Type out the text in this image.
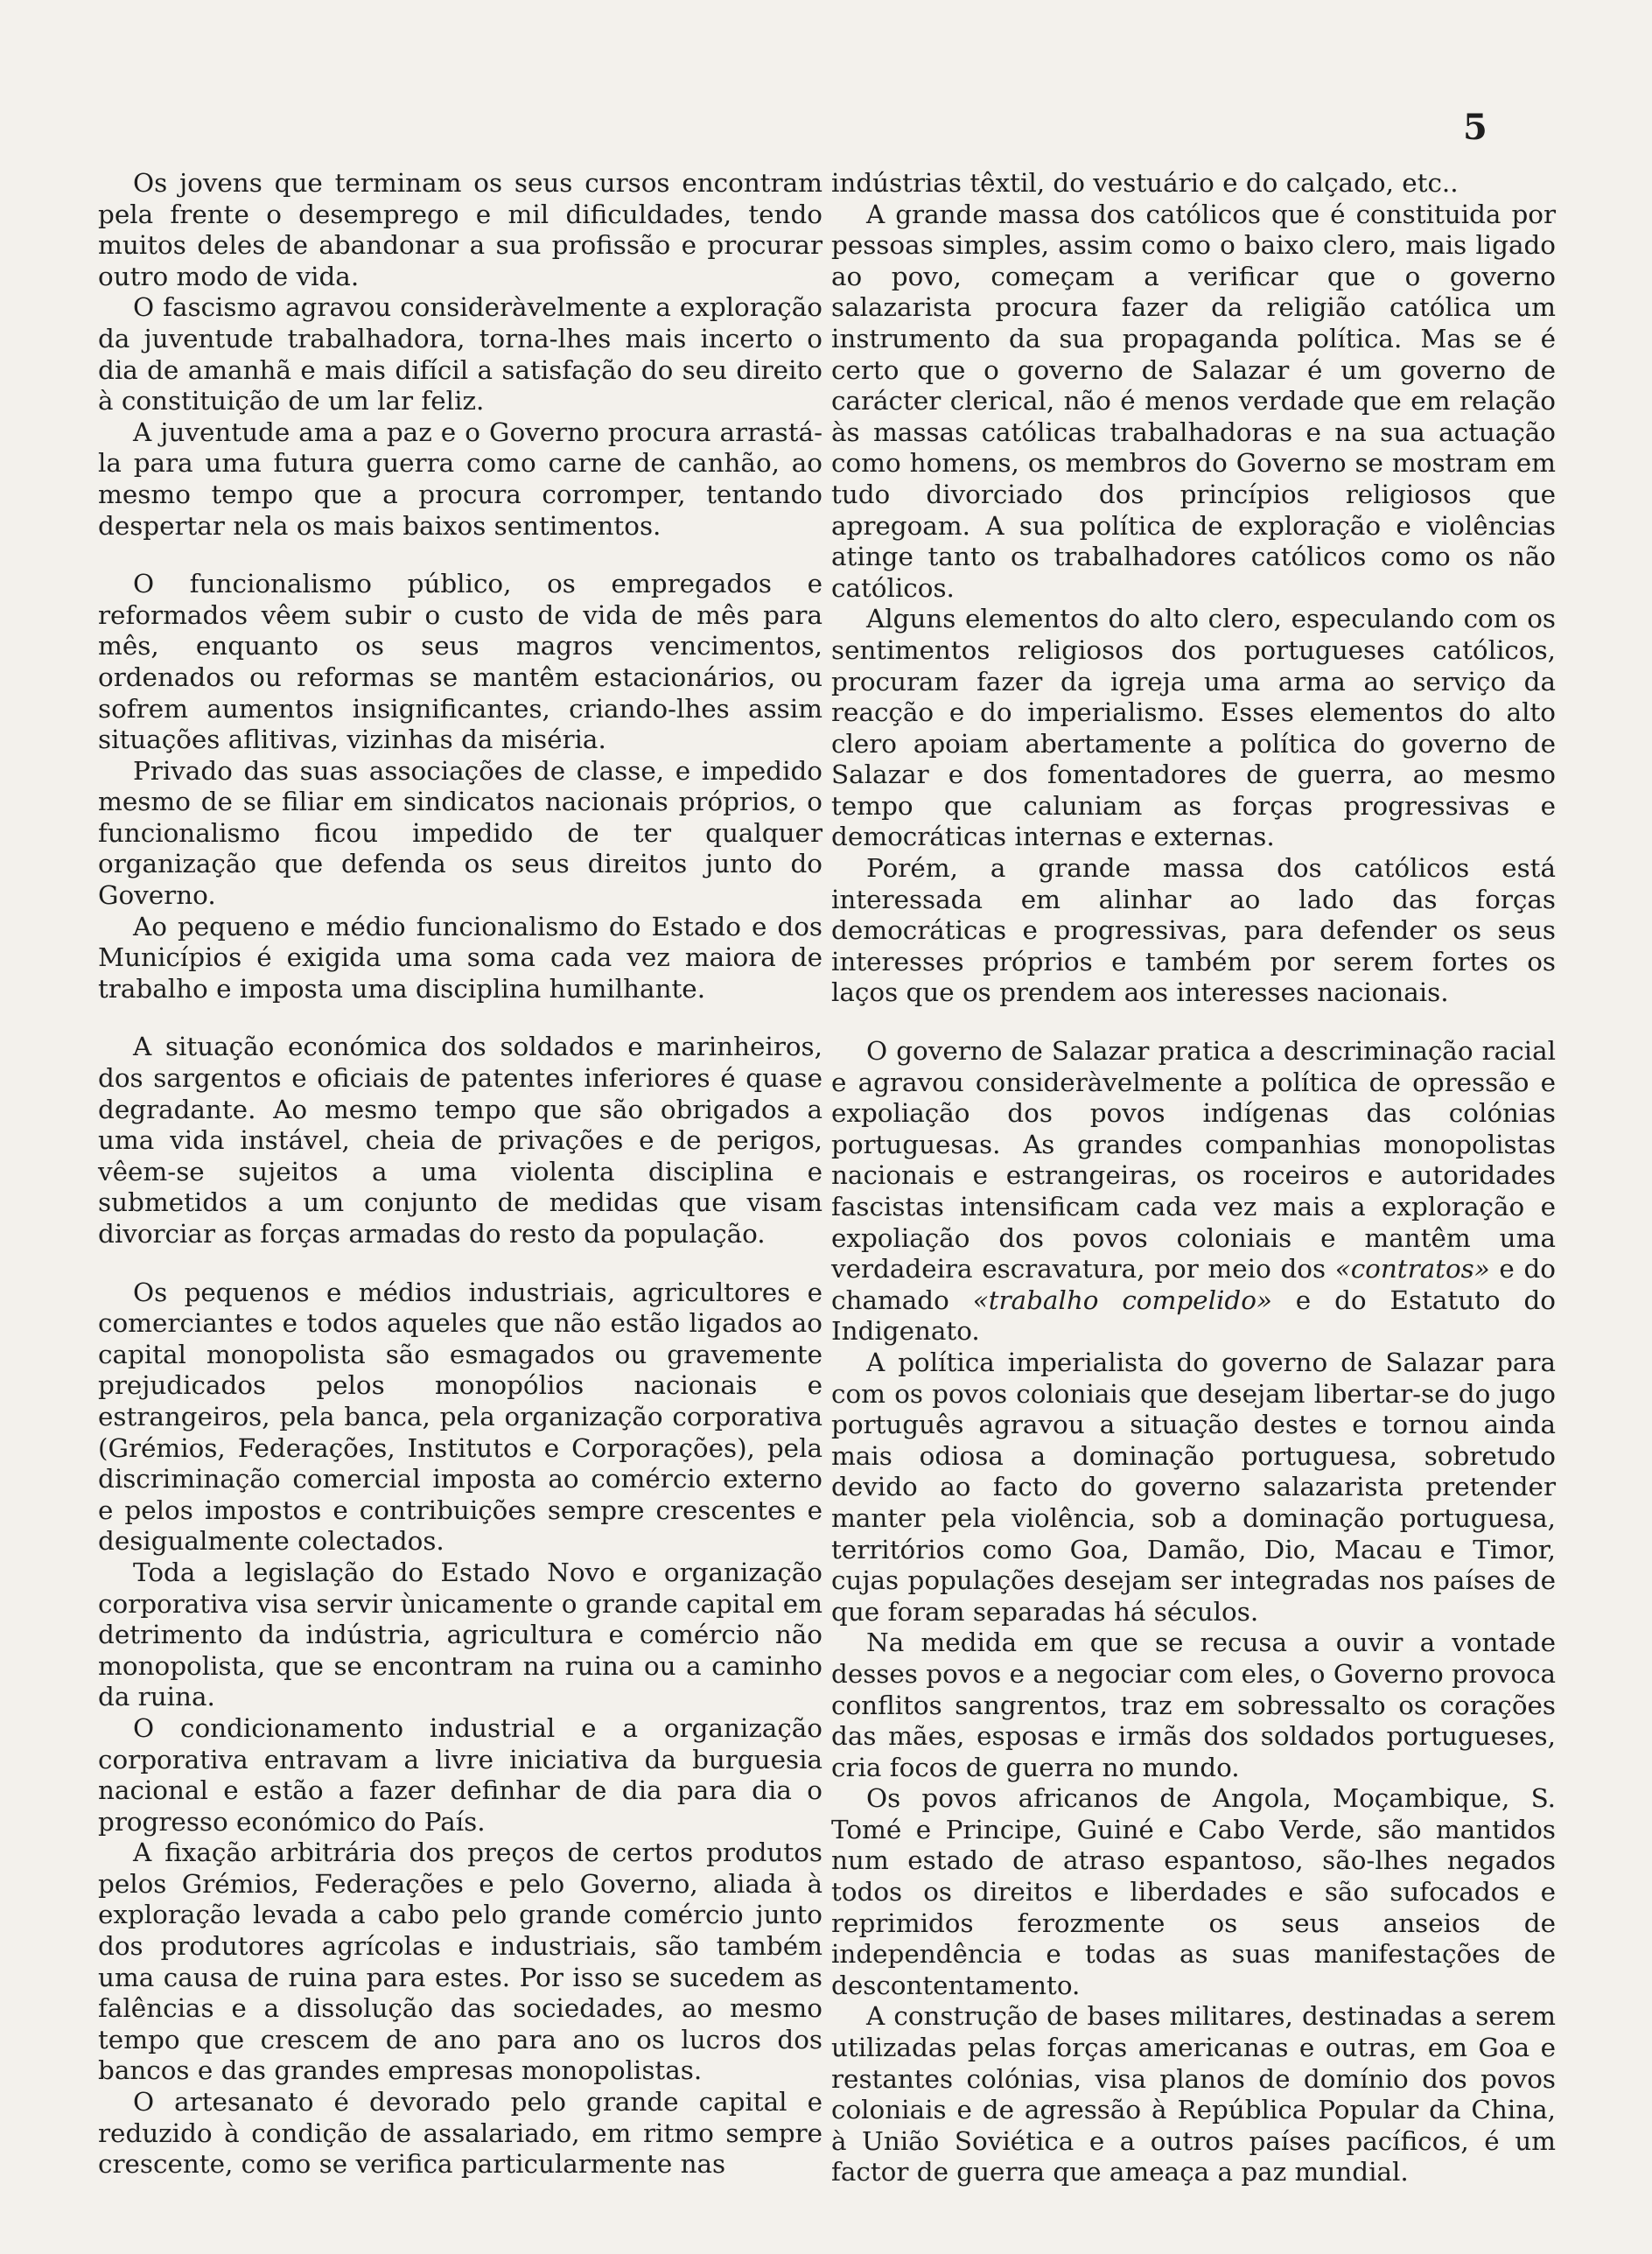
5

Os jovens que terminam os seus cursos encontram pela frente o desemprego e mil dificuldades, tendo muitos deles de abandonar a sua profissão e procurar outro modo de vida.

O fascismo agravou consideràvelmente a exploração da juventude trabalhadora, torna-lhes mais incerto o dia de amanhã e mais difícil a satisfação do seu direito à constituição de um lar feliz.

A juventude ama a paz e o Governo procura arrastá-la para uma futura guerra como carne de canhão, ao mesmo tempo que a procura corromper, tentando despertar nela os mais baixos sentimentos.

O funcionalismo público, os empregados e reformados vêem subir o custo de vida de mês para mês, enquanto os seus magros vencimentos, ordenados ou reformas se mantêm estacionários, ou sofrem aumentos insignificantes, criando-lhes assim situações aflitivas, vizinhas da miséria.

Privado das suas associações de classe, e impedido mesmo de se filiar em sindicatos nacionais próprios, o funcionalismo ficou impedido de ter qualquer organização que defenda os seus direitos junto do Governo.

Ao pequeno e médio funcionalismo do Estado e dos Municípios é exigida uma soma cada vez maiora de trabalho e imposta uma disciplina humilhante.

A situação económica dos soldados e marinheiros, dos sargentos e oficiais de patentes inferiores é quase degradante. Ao mesmo tempo que são obrigados a uma vida instável, cheia de privações e de perigos, vêem-se sujeitos a uma violenta disciplina e submetidos a um conjunto de medidas que visam divorciar as forças armadas do resto da população.

Os pequenos e médios industriais, agricultores e comerciantes e todos aqueles que não estão ligados ao capital monopolista são esmagados ou gravemente prejudicados pelos monopólios nacionais e estrangeiros, pela banca, pela organização corporativa (Grémios, Federações, Institutos e Corporações), pela discriminação comercial imposta ao comércio externo e pelos impostos e contribuições sempre crescentes e desigualmente colectados.

Toda a legislação do Estado Novo e organização corporativa visa servir ùnicamente o grande capital em detrimento da indústria, agricultura e comércio não monopolista, que se encontram na ruina ou a caminho da ruina.

O condicionamento industrial e a organização corporativa entravam a livre iniciativa da burguesia nacional e estão a fazer definhar de dia para dia o progresso económico do País.

A fixação arbitrária dos preços de certos produtos pelos Grémios, Federações e pelo Governo, aliada à exploração levada a cabo pelo grande comércio junto dos produtores agrícolas e industriais, são também uma causa de ruina para estes. Por isso se sucedem as falências e a dissolução das sociedades, ao mesmo tempo que crescem de ano para ano os lucros dos bancos e das grandes empresas monopolistas.

O artesanato é devorado pelo grande capital e reduzido à condição de assalariado, em ritmo sempre crescente, como se verifica particularmente nas

indústrias têxtil, do vestuário e do calçado, etc..

A grande massa dos católicos que é constituida por pessoas simples, assim como o baixo clero, mais ligado ao povo, começam a verificar que o governo salazarista procura fazer da religião católica um instrumento da sua propaganda política. Mas se é certo que o governo de Salazar é um governo de carácter clerical, não é menos verdade que em relação às massas católicas trabalhadoras e na sua actuação como homens, os membros do Governo se mostram em tudo divorciado dos princípios religiosos que apregoam. A sua política de exploração e violências atinge tanto os trabalhadores católicos como os não católicos.

Alguns elementos do alto clero, especulando com os sentimentos religiosos dos portugueses católicos, procuram fazer da igreja uma arma ao serviço da reacção e do imperialismo. Esses elementos do alto clero apoiam abertamente a política do governo de Salazar e dos fomentadores de guerra, ao mesmo tempo que caluniam as forças progressivas e democráticas internas e externas.

Porém, a grande massa dos católicos está interessada em alinhar ao lado das forças democráticas e progressivas, para defender os seus interesses próprios e também por serem fortes os laços que os prendem aos interesses nacionais.

O governo de Salazar pratica a descriminação racial e agravou consideràvelmente a política de opressão e expoliação dos povos indígenas das colónias portuguesas. As grandes companhias monopolistas nacionais e estrangeiras, os roceiros e autoridades fascistas intensificam cada vez mais a exploração e expoliação dos povos coloniais e mantêm uma verdadeira escravatura, por meio dos «contratos» e do chamado «trabalho compelido» e do Estatuto do Indigenato.

A política imperialista do governo de Salazar para com os povos coloniais que desejam libertar-se do jugo português agravou a situação destes e tornou ainda mais odiosa a dominação portuguesa, sobretudo devido ao facto do governo salazarista pretender manter pela violência, sob a dominação portuguesa, territórios como Goa, Damão, Dio, Macau e Timor, cujas populações desejam ser integradas nos países de que foram separadas há séculos.

Na medida em que se recusa a ouvir a vontade desses povos e a negociar com eles, o Governo provoca conflitos sangrentos, traz em sobressalto os corações das mães, esposas e irmãs dos soldados portugueses, cria focos de guerra no mundo.

Os povos africanos de Angola, Moçambique, S. Tomé e Principe, Guiné e Cabo Verde, são mantidos num estado de atraso espantoso, são-lhes negados todos os direitos e liberdades e são sufocados e reprimidos ferozmente os seus anseios de independência e todas as suas manifestações de descontentamento.

A construção de bases militares, destinadas a serem utilizadas pelas forças americanas e outras, em Goa e restantes colónias, visa planos de domínio dos povos coloniais e de agressão à República Popular da China, à União Soviética e a outros países pacíficos, é um factor de guerra que ameaça a paz mundial.
